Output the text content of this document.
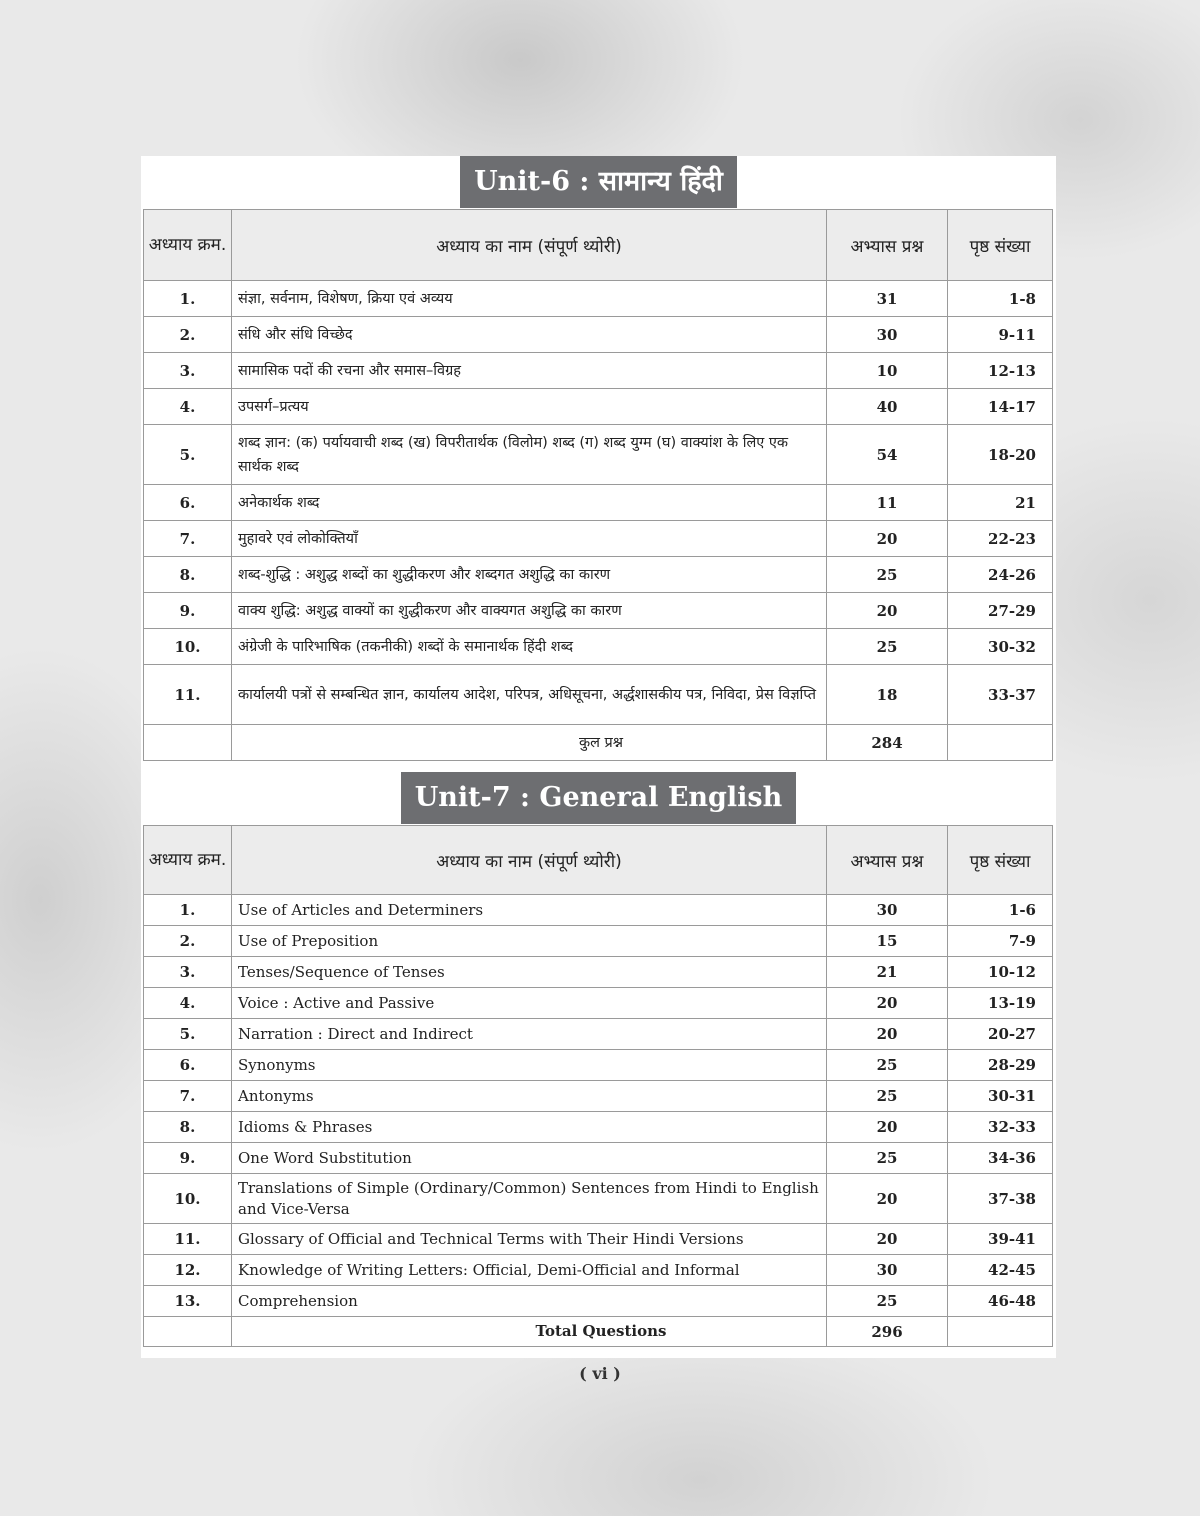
Unit-6 : सामान्य हिंदी
अध्याय क्रम.	अध्याय का नाम (संपूर्ण थ्योरी)	अभ्यास प्रश्न	पृष्ठ संख्या
1.	संज्ञा, सर्वनाम, विशेषण, क्रिया एवं अव्यय	31	1-8
2.	संधि और संधि विच्छेद	30	9-11
3.	सामासिक पदों की रचना और समास–विग्रह	10	12-13
4.	उपसर्ग–प्रत्यय	40	14-17
5.	शब्द ज्ञान: (क) पर्यायवाची शब्द (ख) विपरीतार्थक (विलोम) शब्द (ग) शब्द युग्म (घ) वाक्यांश के लिए एक सार्थक शब्द	54	18-20
6.	अनेकार्थक शब्द	11	21
7.	मुहावरे एवं लोकोक्तियाँ	20	22-23
8.	शब्द-शुद्धि : अशुद्ध शब्दों का शुद्धीकरण और शब्दगत अशुद्धि का कारण	25	24-26
9.	वाक्य शुद्धि: अशुद्ध वाक्यों का शुद्धीकरण और वाक्यगत अशुद्धि का कारण	20	27-29
10.	अंग्रेजी के पारिभाषिक (तकनीकी) शब्दों के समानार्थक हिंदी शब्द	25	30-32
11.	कार्यालयी पत्रों से सम्बन्धित ज्ञान, कार्यालय आदेश, परिपत्र, अधिसूचना, अर्द्धशासकीय पत्र, निविदा, प्रेस विज्ञप्ति	18	33-37
	कुल प्रश्न	284	
Unit-7 : General English
अध्याय क्रम.	अध्याय का नाम (संपूर्ण थ्योरी)	अभ्यास प्रश्न	पृष्ठ संख्या
1.	Use of Articles and Determiners	30	1-6
2.	Use of Preposition	15	7-9
3.	Tenses/Sequence of Tenses	21	10-12
4.	Voice : Active and Passive	20	13-19
5.	Narration : Direct and Indirect	20	20-27
6.	Synonyms	25	28-29
7.	Antonyms	25	30-31
8.	Idioms & Phrases	20	32-33
9.	One Word Substitution	25	34-36
10.	Translations of Simple (Ordinary/Common) Sentences from Hindi to English and Vice-Versa	20	37-38
11.	Glossary of Official and Technical Terms with Their Hindi Versions	20	39-41
12.	Knowledge of Writing Letters: Official, Demi-Official and Informal	30	42-45
13.	Comprehension	25	46-48
	Total Questions	296	
( vi )
